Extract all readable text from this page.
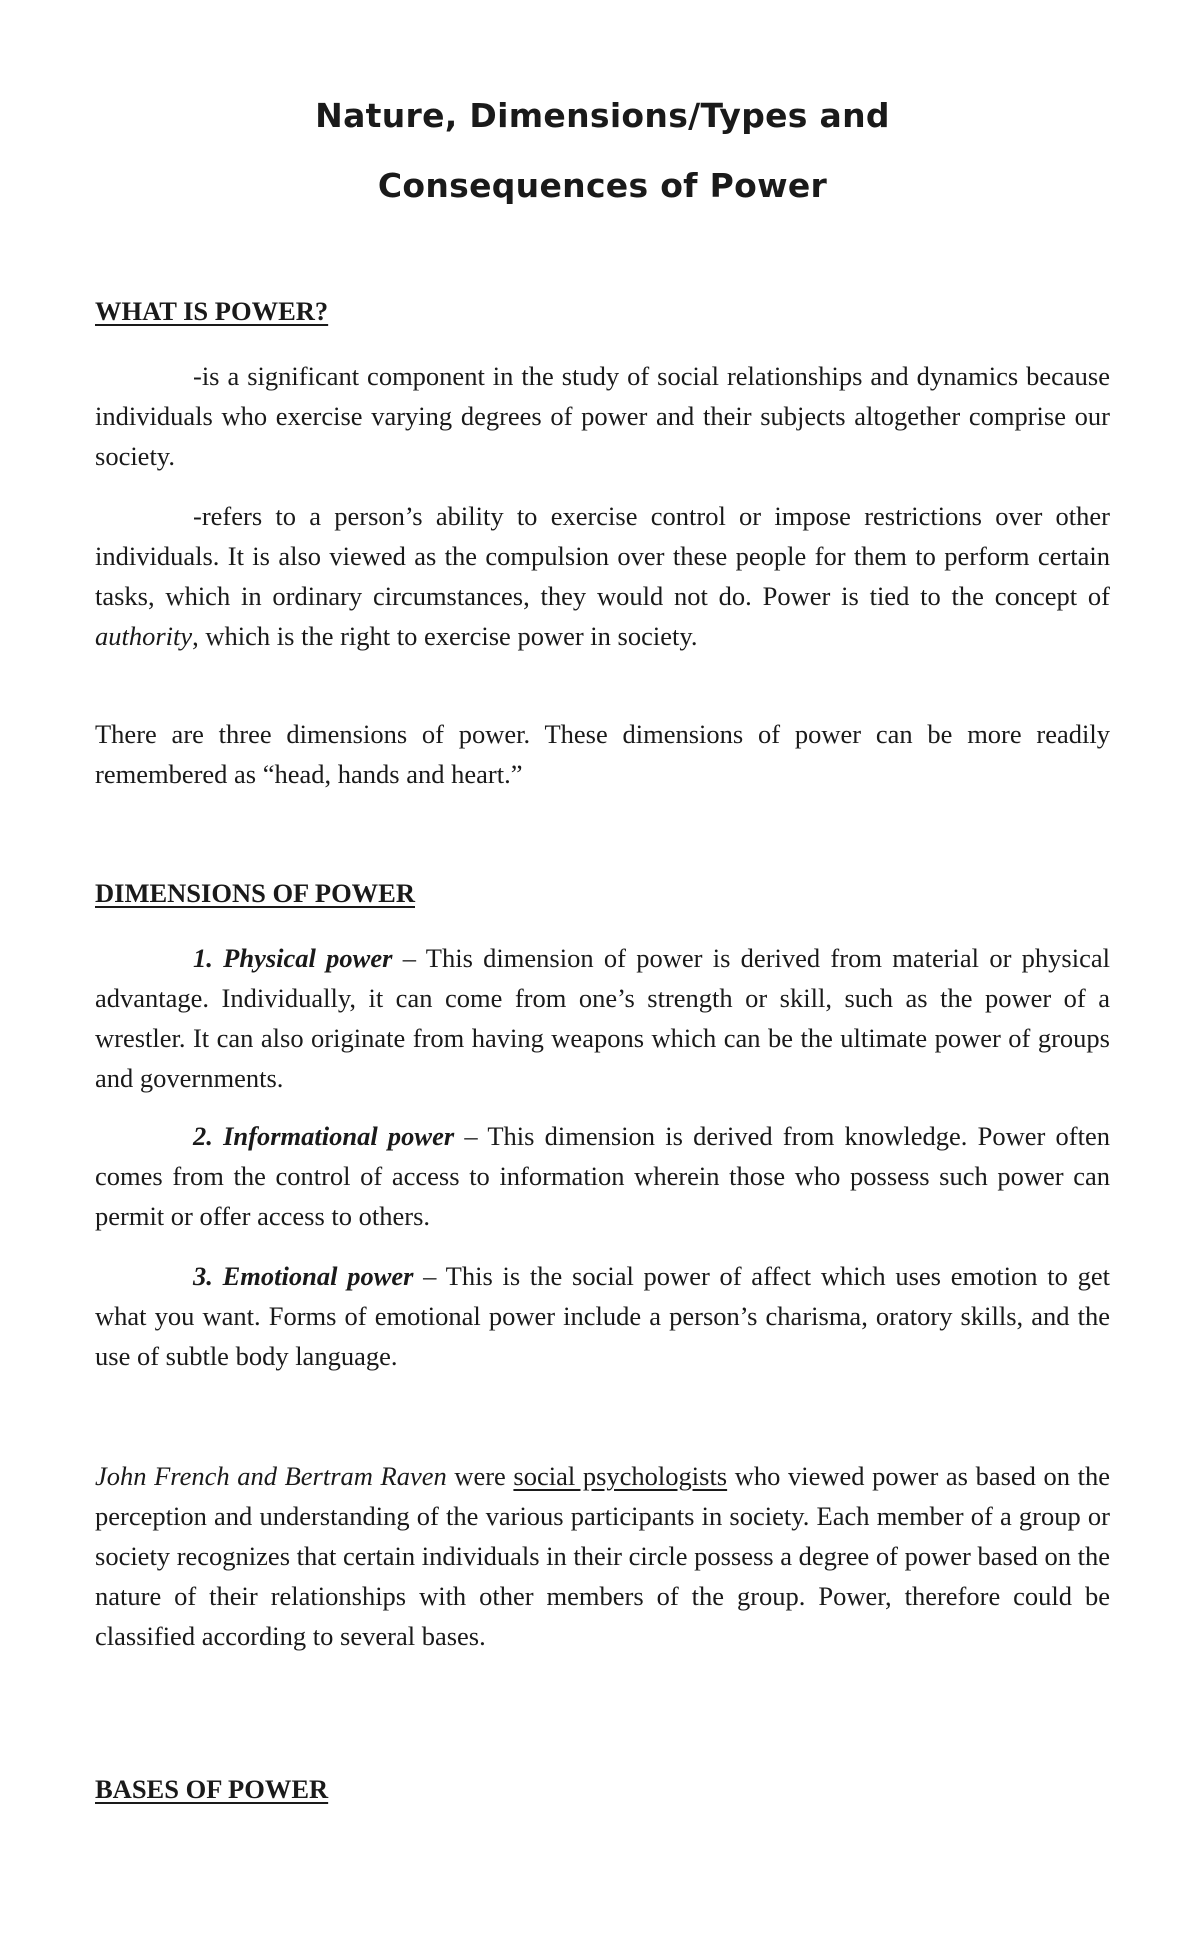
Nature, Dimensions/Types and
Consequences of Power
WHAT IS POWER?

-is a significant component in the study of social relationships and dynamics because individuals who exercise varying degrees of power and their subjects altogether comprise our society.

-refers to a person’s ability to exercise control or impose restrictions over other individuals. It is also viewed as the compulsion over these people for them to perform certain tasks, which in ordinary circumstances, they would not do. Power is tied to the concept of authority, which is the right to exercise power in society.

There are three dimensions of power. These dimensions of power can be more readily remembered as “head, hands and heart.”

DIMENSIONS OF POWER

1. Physical power – This dimension of power is derived from material or physical advantage. Individually, it can come from one’s strength or skill, such as the power of a wrestler. It can also originate from having weapons which can be the ultimate power of groups and governments.

2. Informational power – This dimension is derived from knowledge. Power often comes from the control of access to information wherein those who possess such power can permit or offer access to others.

3. Emotional power – This is the social power of affect which uses emotion to get what you want. Forms of emotional power include a person’s charisma, oratory skills, and the use of subtle body language.

John French and Bertram Raven were social psychologists who viewed power as based on the perception and understanding of the various participants in society. Each member of a group or society recognizes that certain individuals in their circle possess a degree of power based on the nature of their relationships with other members of the group. Power, therefore could be classified according to several bases.

BASES OF POWER
